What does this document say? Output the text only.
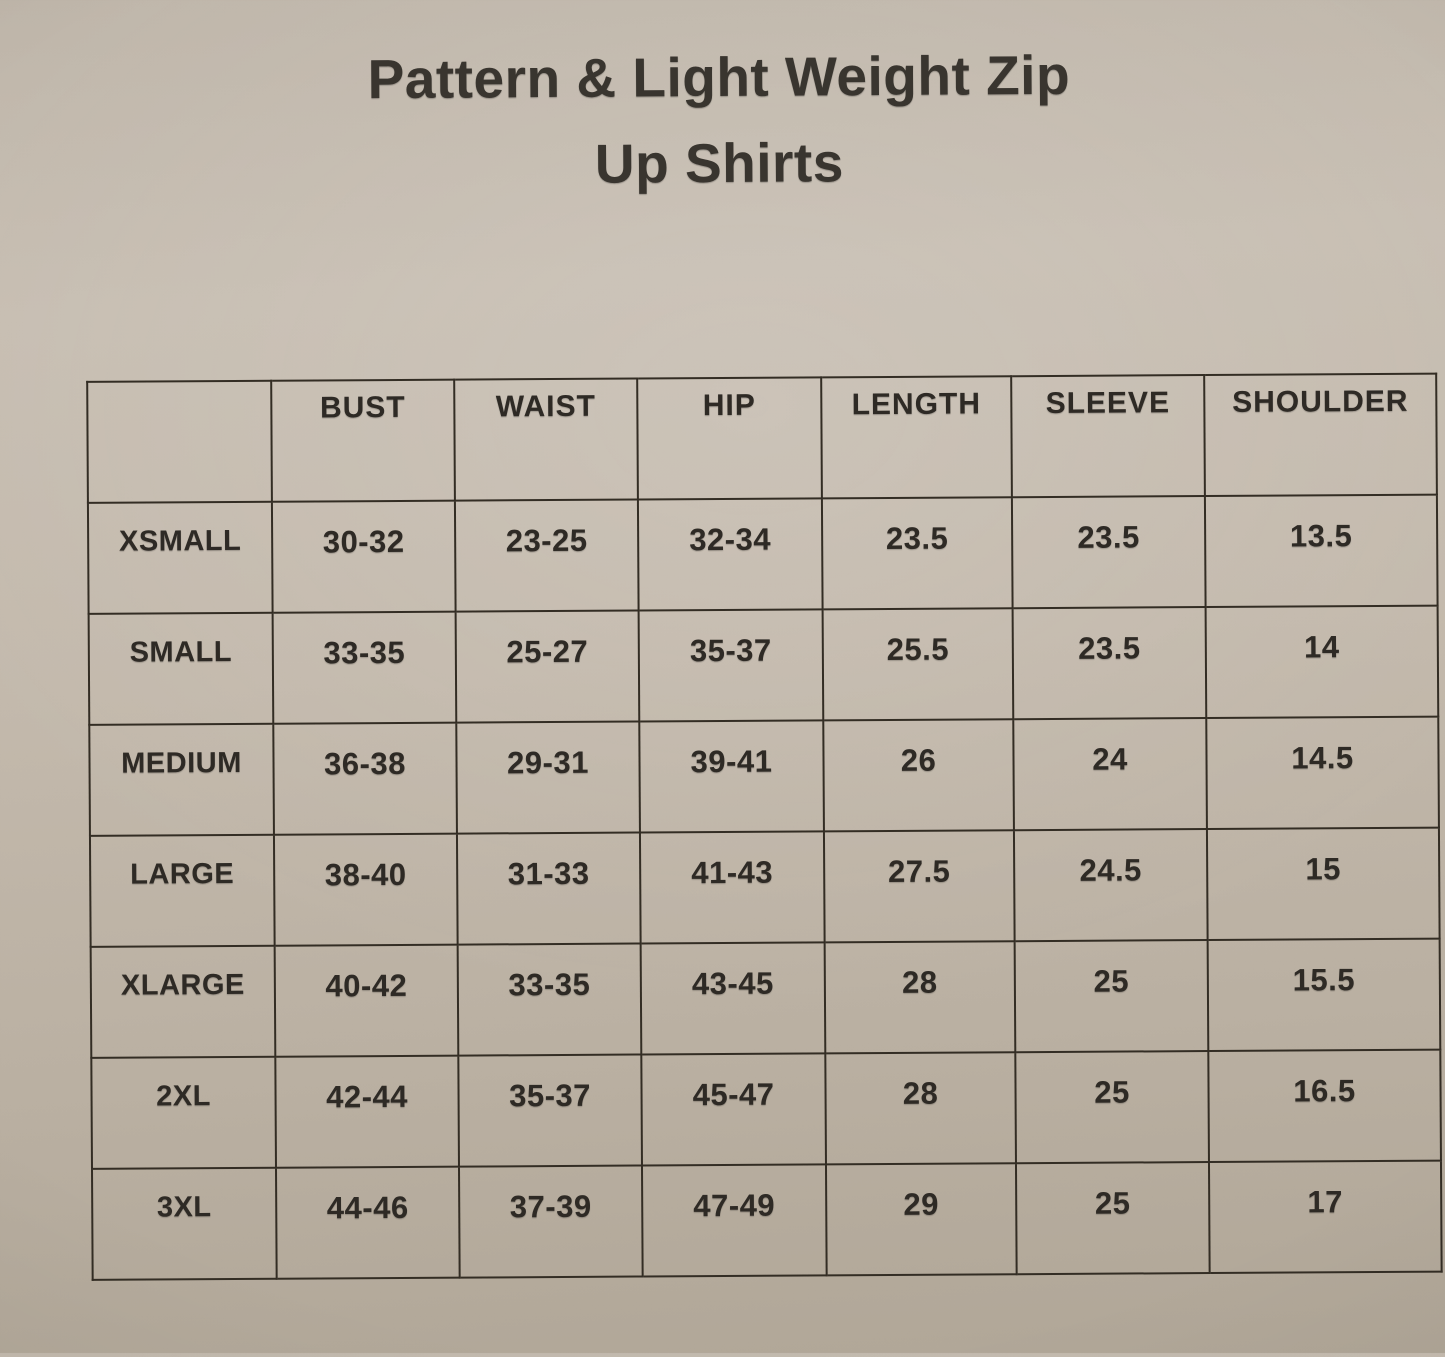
Pattern & Light Weight Zip
Up Shirts
	BUST	WAIST	HIP	LENGTH	SLEEVE	SHOULDER
XSMALL	30-32	23-25	32-34	23.5	23.5	13.5
SMALL	33-35	25-27	35-37	25.5	23.5	14
MEDIUM	36-38	29-31	39-41	26	24	14.5
LARGE	38-40	31-33	41-43	27.5	24.5	15
XLARGE	40-42	33-35	43-45	28	25	15.5
2XL	42-44	35-37	45-47	28	25	16.5
3XL	44-46	37-39	47-49	29	25	17
